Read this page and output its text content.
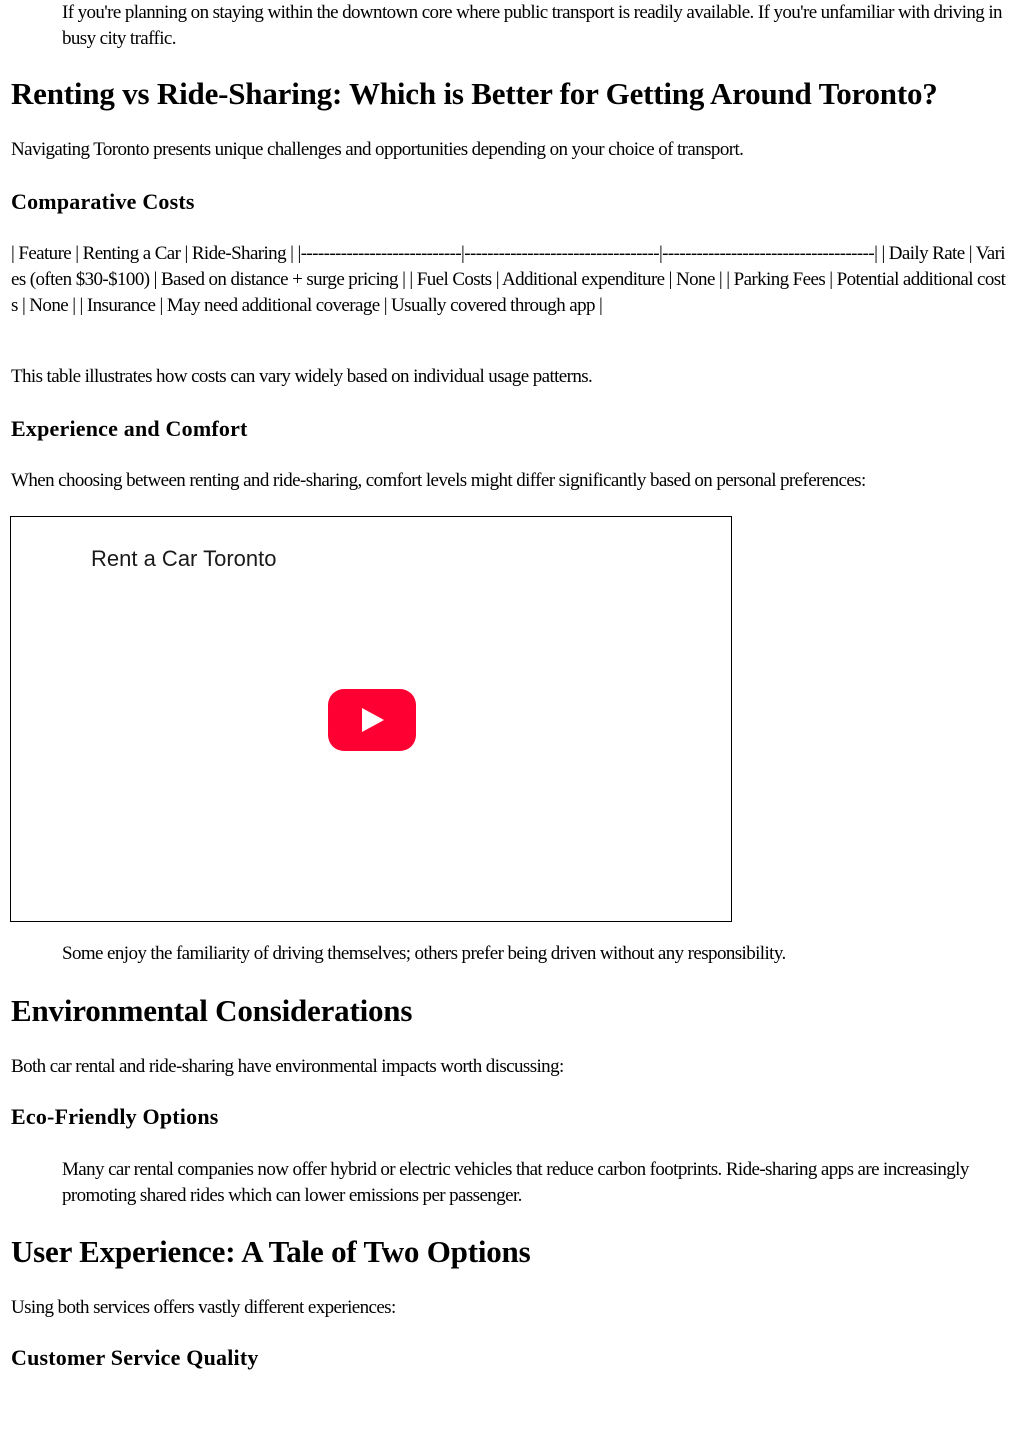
If you're planning on staying within the downtown core where public transport is readily available. If you're unfamiliar with driving in busy city traffic.

Renting vs Ride-Sharing: Which is Better for Getting Around Toronto?

Navigating Toronto presents unique challenges and opportunities depending on your choice of transport.

Comparative Costs

| Feature | Renting a Car | Ride-Sharing | |----------------------------|----------------------------------|-------------------------------------| | Daily Rate | Varies (often $30-$100) | Based on distance + surge pricing | | Fuel Costs | Additional expenditure | None | | Parking Fees | Potential additional costs | None | | Insurance | May need additional coverage | Usually covered through app |

This table illustrates how costs can vary widely based on individual usage patterns.

Experience and Comfort

When choosing between renting and ride-sharing, comfort levels might differ significantly based on personal preferences:

Rent a Car Toronto

Some enjoy the familiarity of driving themselves; others prefer being driven without any responsibility.

Environmental Considerations

Both car rental and ride-sharing have environmental impacts worth discussing:

Eco-Friendly Options

Many car rental companies now offer hybrid or electric vehicles that reduce carbon footprints. Ride-sharing apps are increasingly promoting shared rides which can lower emissions per passenger.

User Experience: A Tale of Two Options

Using both services offers vastly different experiences:

Customer Service Quality
